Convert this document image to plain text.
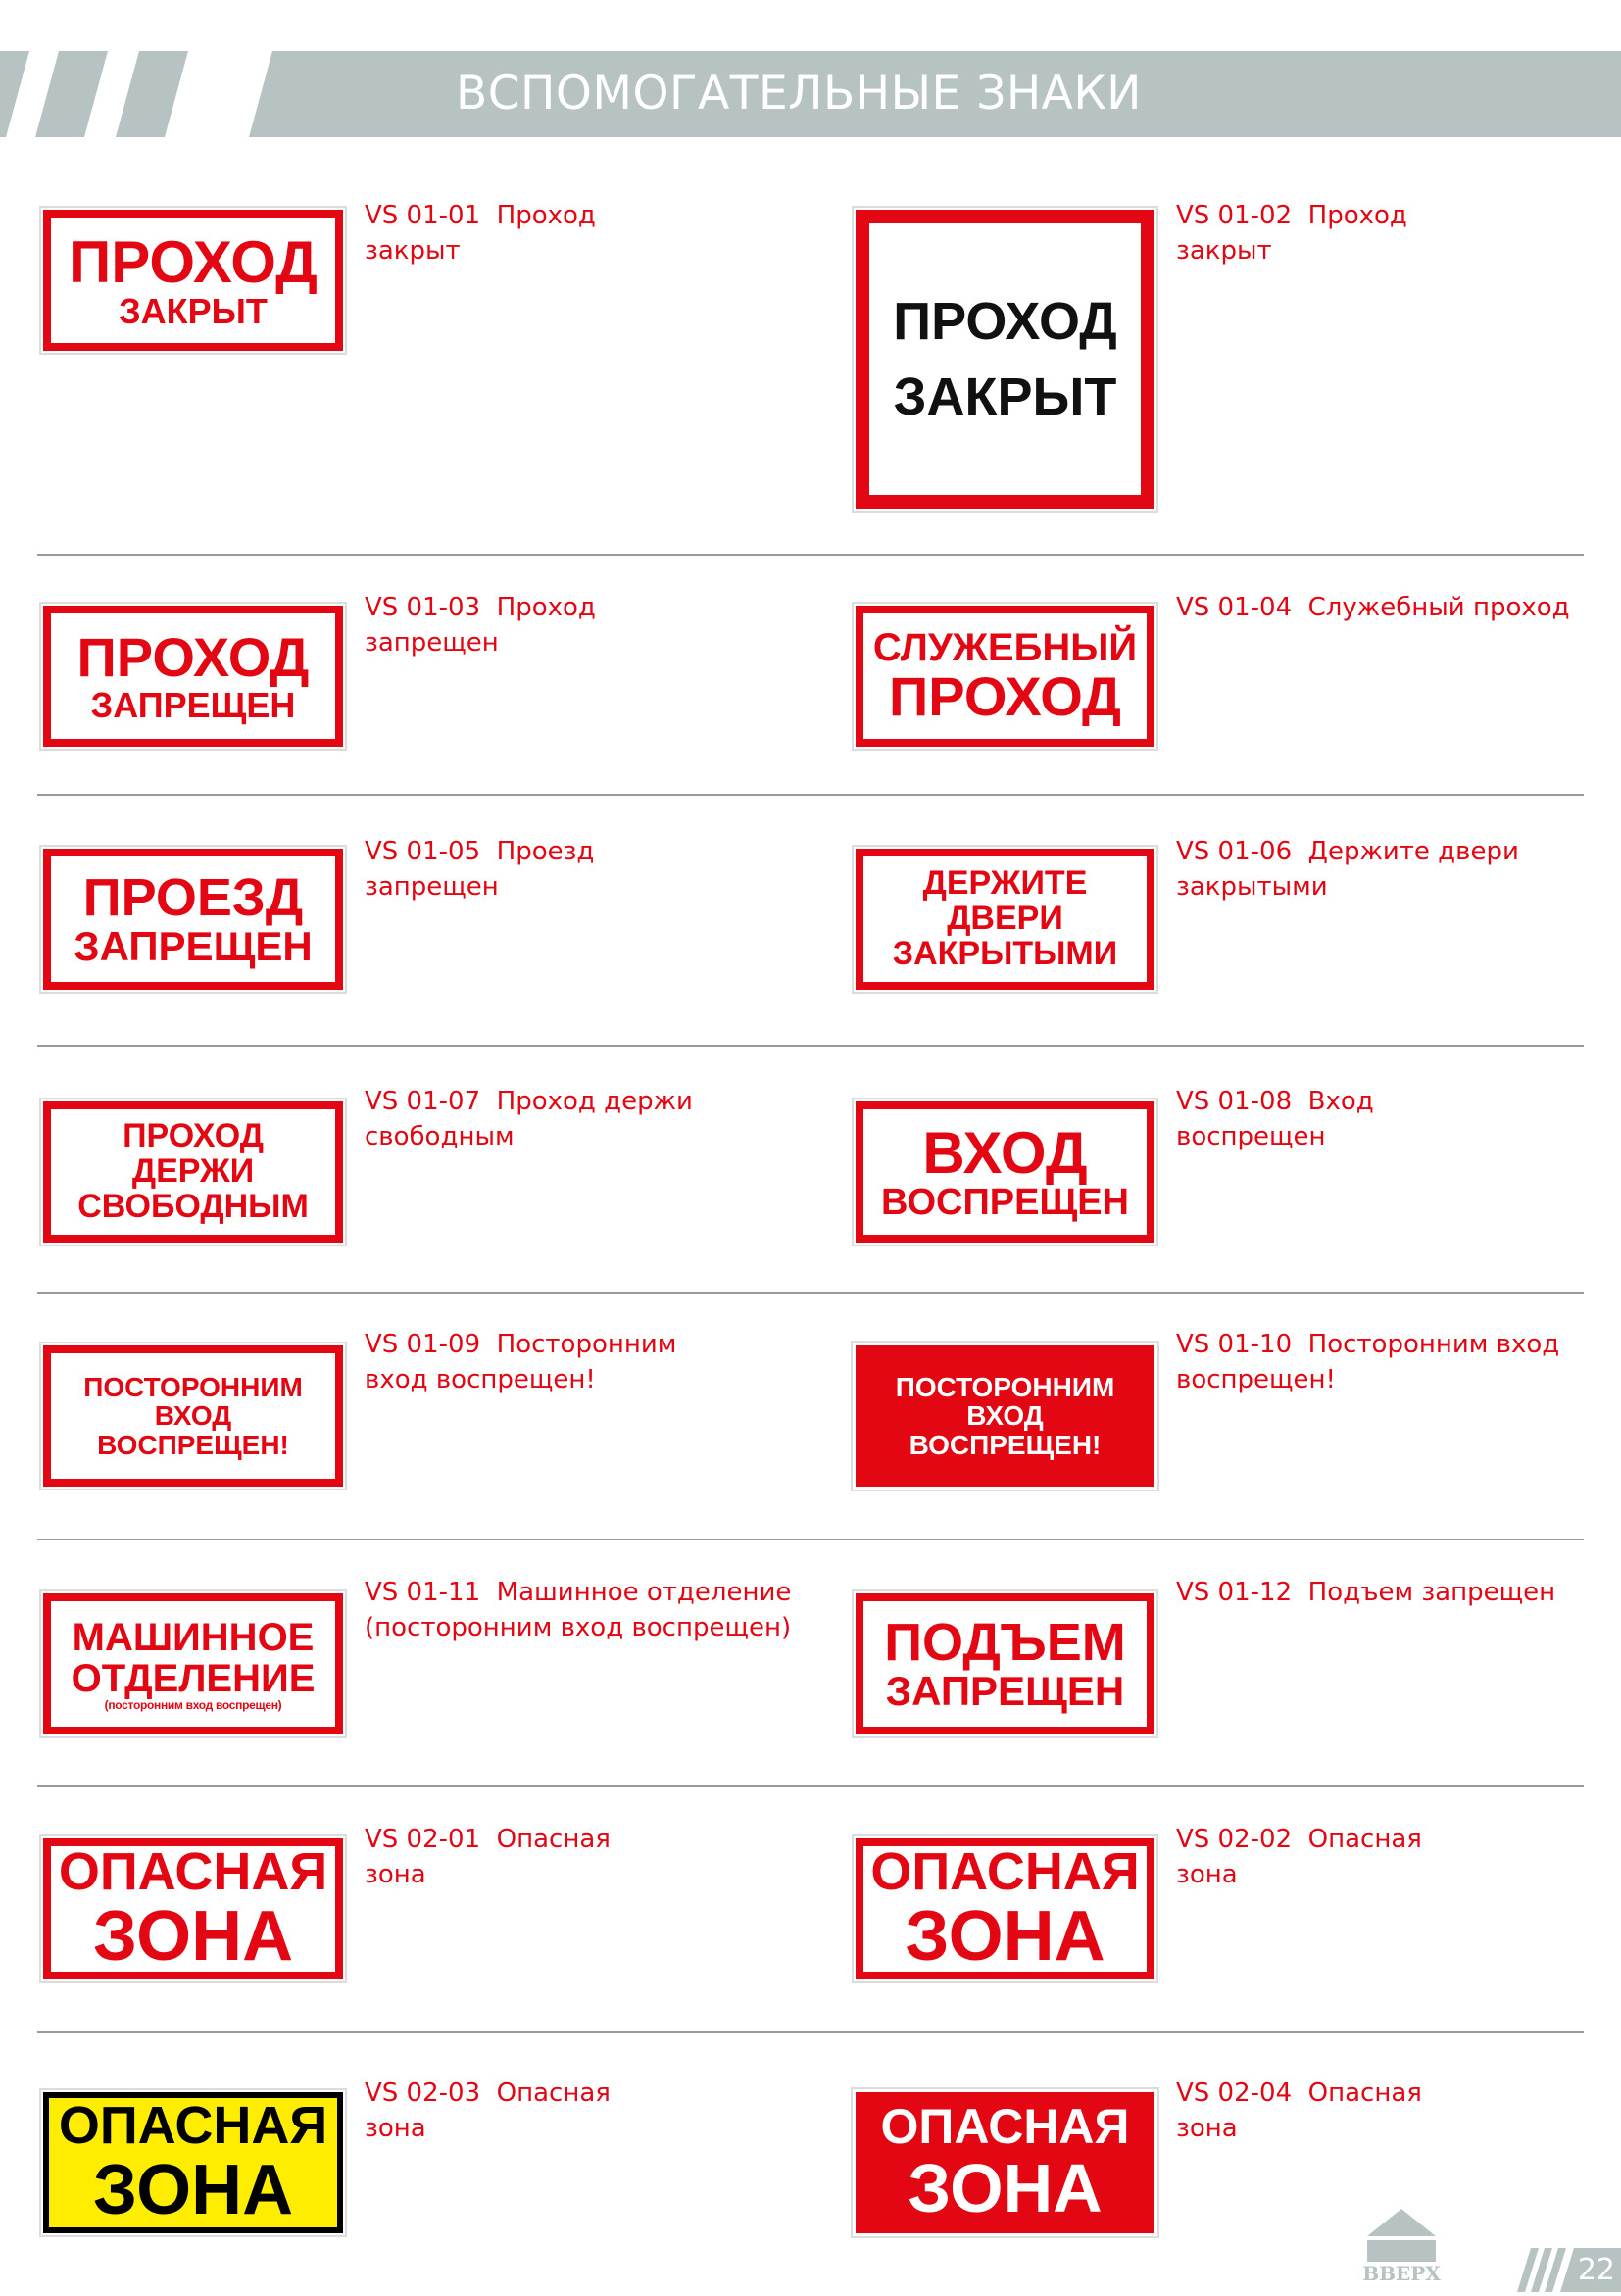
ВСПОМОГАТЕЛЬНЫЕ ЗНАКИ
ПРОХОД
ЗАКРЫТ
VS 01-01 Проход закрыт
ПРОХОД
ЗАКРЫТ
VS 01-02 Проход закрыт
ПРОХОД
ЗАПРЕЩЕН
VS 01-03 Проход запрещен	СЛУЖЕБНЫЙ
ПРОХОД
VS 01-04 Служебный проход
ПРОЕЗД
ЗАПРЕЩЕН
VS 01-05 Проезд запрещен	ДЕРЖИТЕ
ДВЕРИ
ЗАКРЫТЫМИ
VS 01-06 Держите двери закрытыми
ПРОХОД
ДЕРЖИ
СВОБОДНЫМ
VS 01-07 Проход держи свободным	ВХОД
ВОСПРЕЩЕН
VS 01-08 Вход воспрещен
ПОСТОРОННИМ
ВХОД
ВОСПРЕЩЕН!
VS 01-09 Посторонним вход воспрещен!	ПОСТОРОННИМ
ВХОД
ВОСПРЕЩЕН!
VS 01-10 Посторонним вход воспрещен!
МАШИННОЕ
ОТДЕЛЕНИЕ
(посторонним вход воспрещен)
VS 01-11 Машинное отделение (посторонним вход воспрещен)	ПОДЪЕМ
ЗАПРЕЩЕН
VS 01-12 Подъем запрещен
ОПАСНАЯ
ЗОНА
VS 02-01 Опасная зона	ОПАСНАЯ
ЗОНА
VS 02-02 Опасная зона
ОПАСНАЯ
ЗОНА
VS 02-03 Опасная зона	ОПАСНАЯ
ЗОНА
VS 02-04 Опасная зона
ВВЕРХ	22
